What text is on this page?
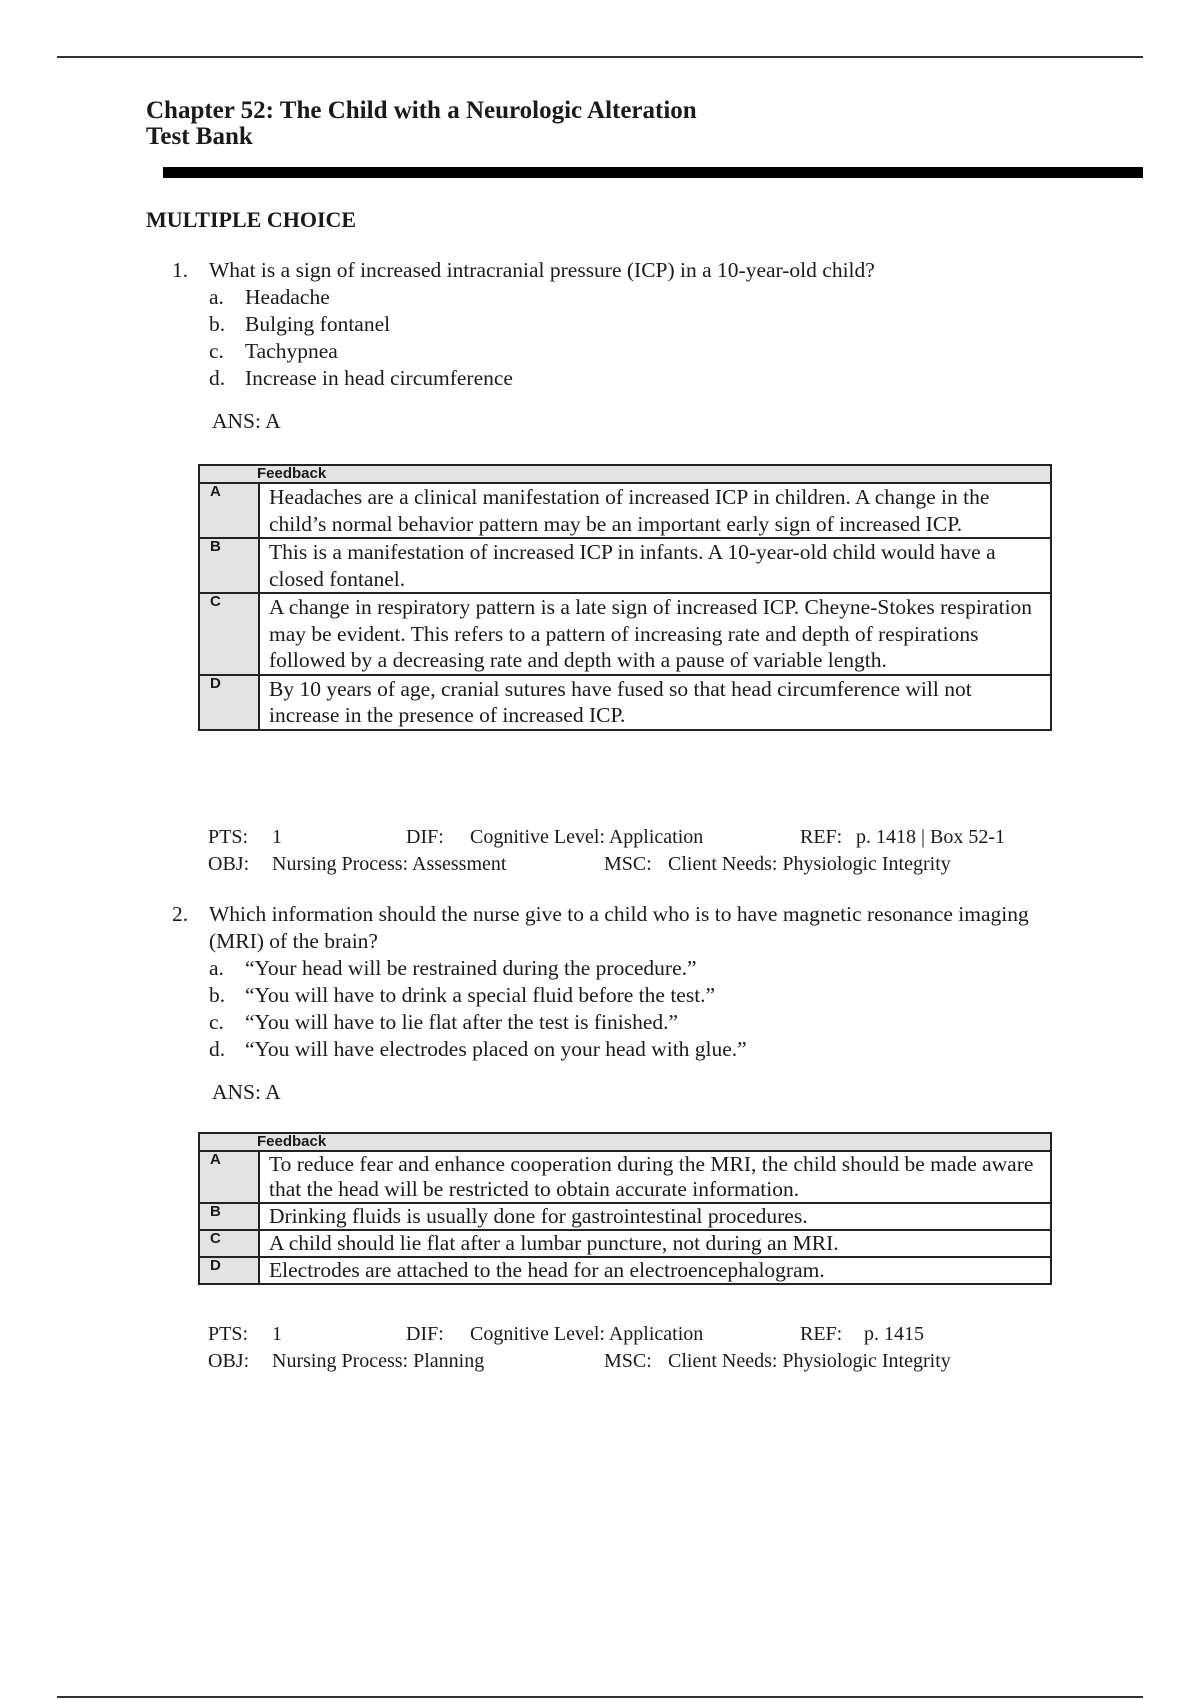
Chapter 52: The Child with a Neurologic Alteration
Test Bank
MULTIPLE CHOICE
1. What is a sign of increased intracranial pressure (ICP) in a 10-year-old child?
a. Headache
b. Bulging fontanel
c. Tachypnea
d. Increase in head circumference
ANS: A
Feedback	
A	Headaches are a clinical manifestation of increased ICP in children. A change in the child’s normal behavior pattern may be an important early sign of increased ICP.
B	This is a manifestation of increased ICP in infants. A 10-year-old child would have a closed fontanel.
C	A change in respiratory pattern is a late sign of increased ICP. Cheyne-Stokes respiration may be evident. This refers to a pattern of increasing rate and depth of respirations followed by a decreasing rate and depth with a pause of variable length.
D	By 10 years of age, cranial sutures have fused so that head circumference will not increase in the presence of increased ICP.
PTS: 1	DIF: Cognitive Level: Application	REF: p. 1418 | Box 52-1
OBJ: Nursing Process: Assessment	MSC: Client Needs: Physiologic Integrity
2. Which information should the nurse give to a child who is to have magnetic resonance imaging (MRI) of the brain?
a. “Your head will be restrained during the procedure.”
b. “You will have to drink a special fluid before the test.”
c. “You will have to lie flat after the test is finished.”
d. “You will have electrodes placed on your head with glue.”
ANS: A
Feedback	
A	To reduce fear and enhance cooperation during the MRI, the child should be made aware that the head will be restricted to obtain accurate information.
B	Drinking fluids is usually done for gastrointestinal procedures.
C	A child should lie flat after a lumbar puncture, not during an MRI.
D	Electrodes are attached to the head for an electroencephalogram.
PTS: 1	DIF: Cognitive Level: Application	REF: p. 1415
OBJ: Nursing Process: Planning	MSC: Client Needs: Physiologic Integrity
